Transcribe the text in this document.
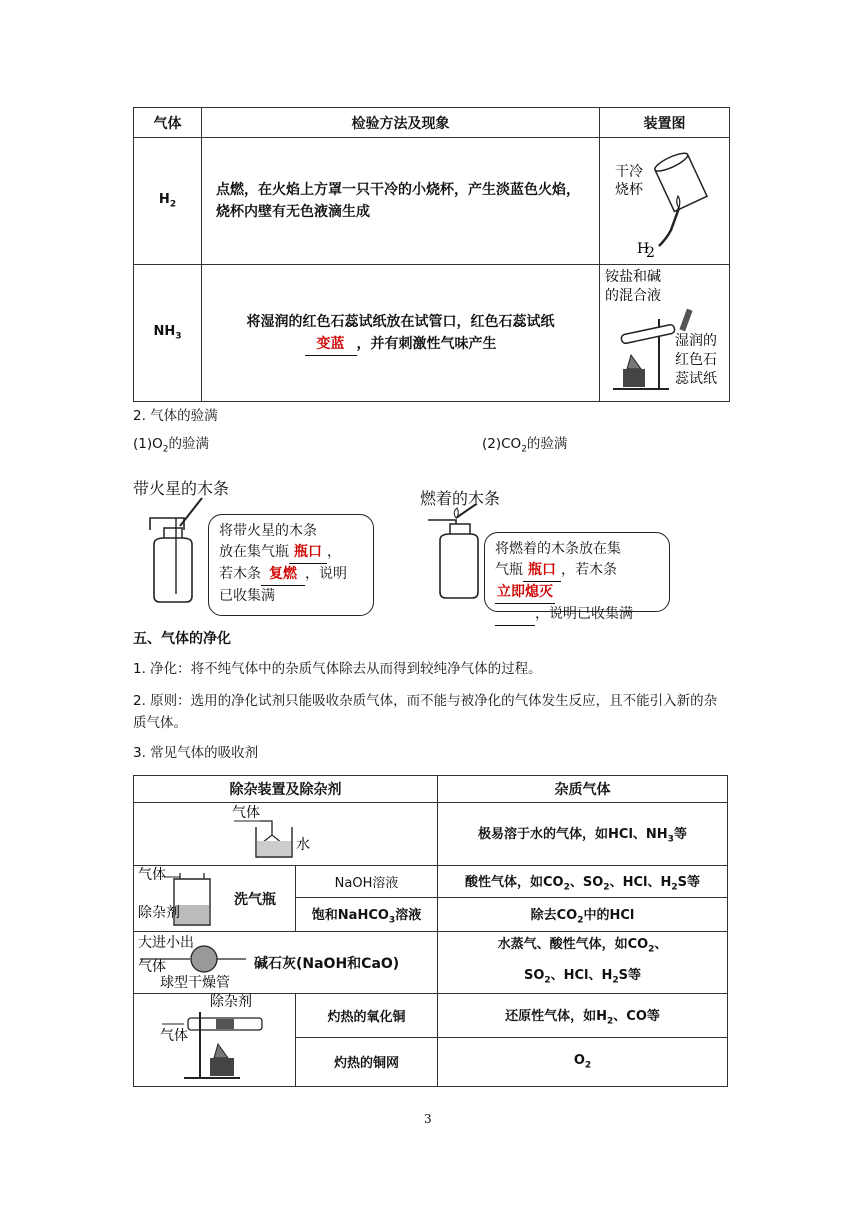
气体	检验方法及现象	装置图
$H_2$	点燃，在火焰上方罩一只干冷的小烧杯，产生淡蓝色火焰，烧杯内壁有无色液滴生成	干冷
烧杯
H
2

$NH_3$	将湿润的红色石蕊试纸放在试管口，红色石蕊试纸
变蓝 ，并有刺激性气味产生	铵盐和碱
的混合液
湿润的
红色石
蕊试纸
2. 气体的验满
$(1)O_2$的验满	$(2)CO_2$的验满
带火星的木条
将带火星的木条
放在集气瓶 瓶口 ，
若木条 复燃 ，说明
已收集满
燃着的木条
将燃着的木条放在集
气瓶 瓶口 ，若木条立即熄灭
，说明已收集满
五、气体的净化
1. 净化：将不纯气体中的杂质气体除去从而得到较纯净气体的过程。
2. 原则：选用的净化试剂只能吸收杂质气体，而不能与被净化的气体发生反应，且不能引入新的杂质气体。
3. 常见气体的吸收剂
除杂装置及除杂剂		杂质气体

气体
水		极易溶于水的气体，如HCl、$NH_3$等

气体
除杂剂
洗气瓶	NaOH溶液	酸性气体，如$CO_2$、$SO_2$、HCl、$H_2S$等
	饱和NaHCO$_3$溶液	除去$CO_2$中的HCl

大进小出
气体
球型干燥管
碱石灰(NaOH和CaO)		水蒸气、酸性气体，如$CO_2$、
$SO_2$、HCl、$H_2S$等

除杂剂
气体	灼热的氧化铜	还原性气体，如$H_2$、CO等
	灼热的铜网	$O_2$
3
